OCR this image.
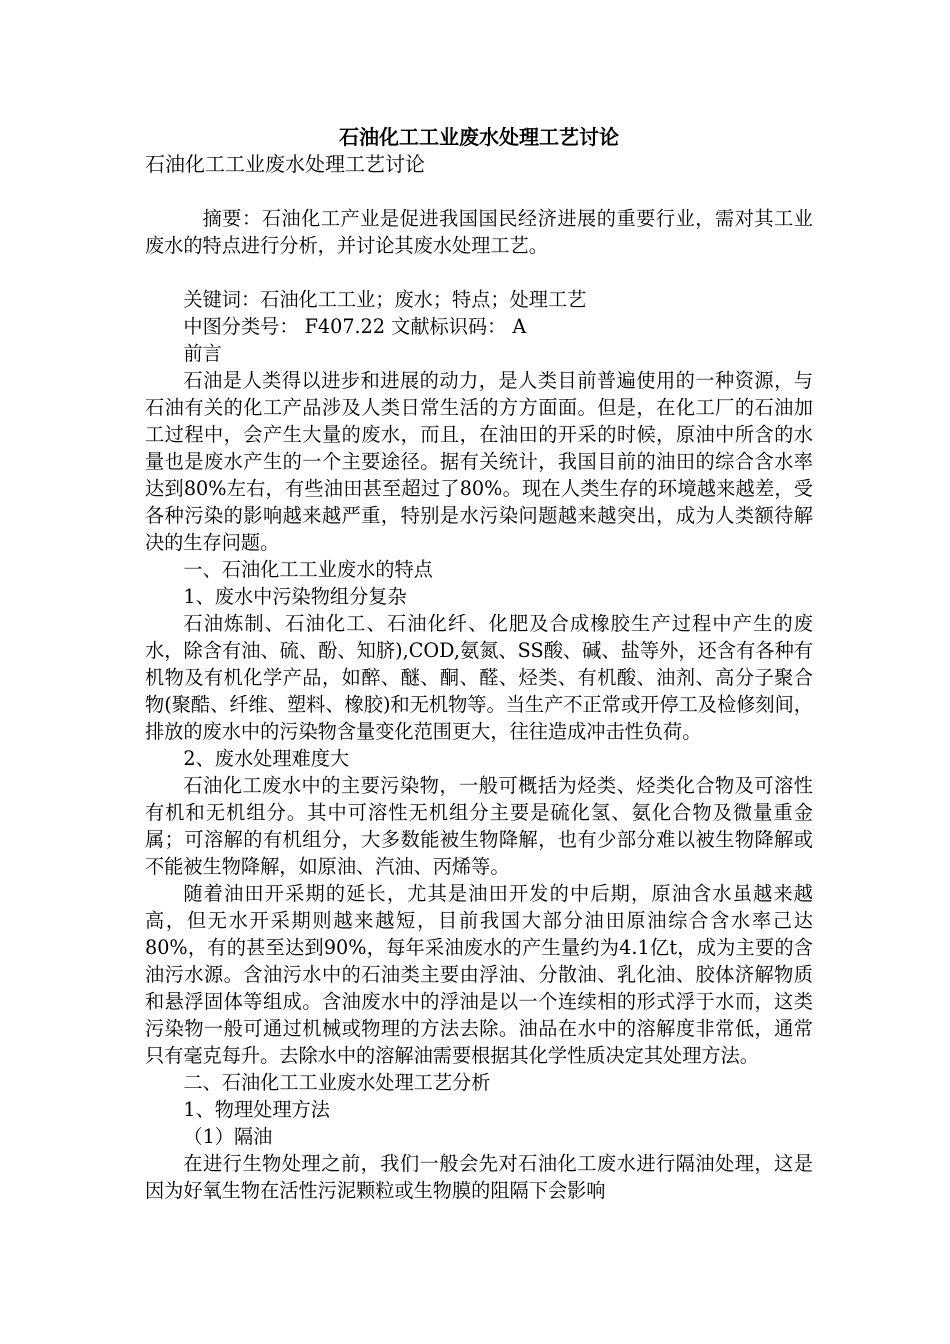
石油化工工业废水处理工艺讨论
石油化工工业废水处理工艺讨论

摘要：石油化工产业是促进我国国民经济进展的重要行业，需对其工业废水的特点进行分析，并讨论其废水处理工艺。

关键词：石油化工工业；废水；特点；处理工艺

中图分类号： F407.22 文献标识码： A

前言

石油是人类得以进步和进展的动力，是人类目前普遍使用的一种资源，与石油有关的化工产品涉及人类日常生活的方方面面。但是，在化工厂的石油加工过程中，会产生大量的废水，而且，在油田的开采的时候，原油中所含的水量也是废水产生的一个主要途径。据有关统计，我国目前的油田的综合含水率达到80%左右，有些油田甚至超过了80%。现在人类生存的环境越来越差，受各种污染的影响越来越严重，特别是水污染问题越来越突出，成为人类额待解决的生存问题。

一、石油化工工业废水的特点

1、废水中污染物组分复杂

石油炼制、石油化工、石油化纤、化肥及合成橡胶生产过程中产生的废水，除含有油、硫、酚、知脐),COD,氨氮、SS酸、碱、盐等外，还含有各种有机物及有机化学产品，如醉、醚、酮、醛、烃类、有机酸、油剂、高分子聚合物(聚酷、纤维、塑料、橡胶)和无机物等。当生产不正常或开停工及检修刻间，排放的废水中的污染物含量变化范围更大，往往造成冲击性负荷。

2、废水处理难度大

石油化工废水中的主要污染物，一般可概括为烃类、烃类化合物及可溶性有机和无机组分。其中可溶性无机组分主要是硫化氢、氨化合物及微量重金属；可溶解的有机组分，大多数能被生物降解，也有少部分难以被生物降解或不能被生物降解，如原油、汽油、丙烯等。

随着油田开采期的延长，尤其是油田开发的中后期，原油含水虽越来越高，但无水开采期则越来越短，目前我国大部分油田原油综合含水率己达80%，有的甚至达到90%，每年采油废水的产生量约为4.1亿t，成为主要的含油污水源。含油污水中的石油类主要由浮油、分散油、乳化油、胶体济解物质和悬浮固体等组成。含油废水中的浮油是以一个连续相的形式浮于水而，这类污染物一般可通过机械或物理的方法去除。油品在水中的溶解度非常低，通常只有毫克每升。去除水中的溶解油需要根据其化学性质决定其处理方法。

二、石油化工工业废水处理工艺分析

1、物理处理方法

（1）隔油

在进行生物处理之前，我们一般会先对石油化工废水进行隔油处理，这是因为好氧生物在活性污泥颗粒或生物膜的阻隔下会影响
